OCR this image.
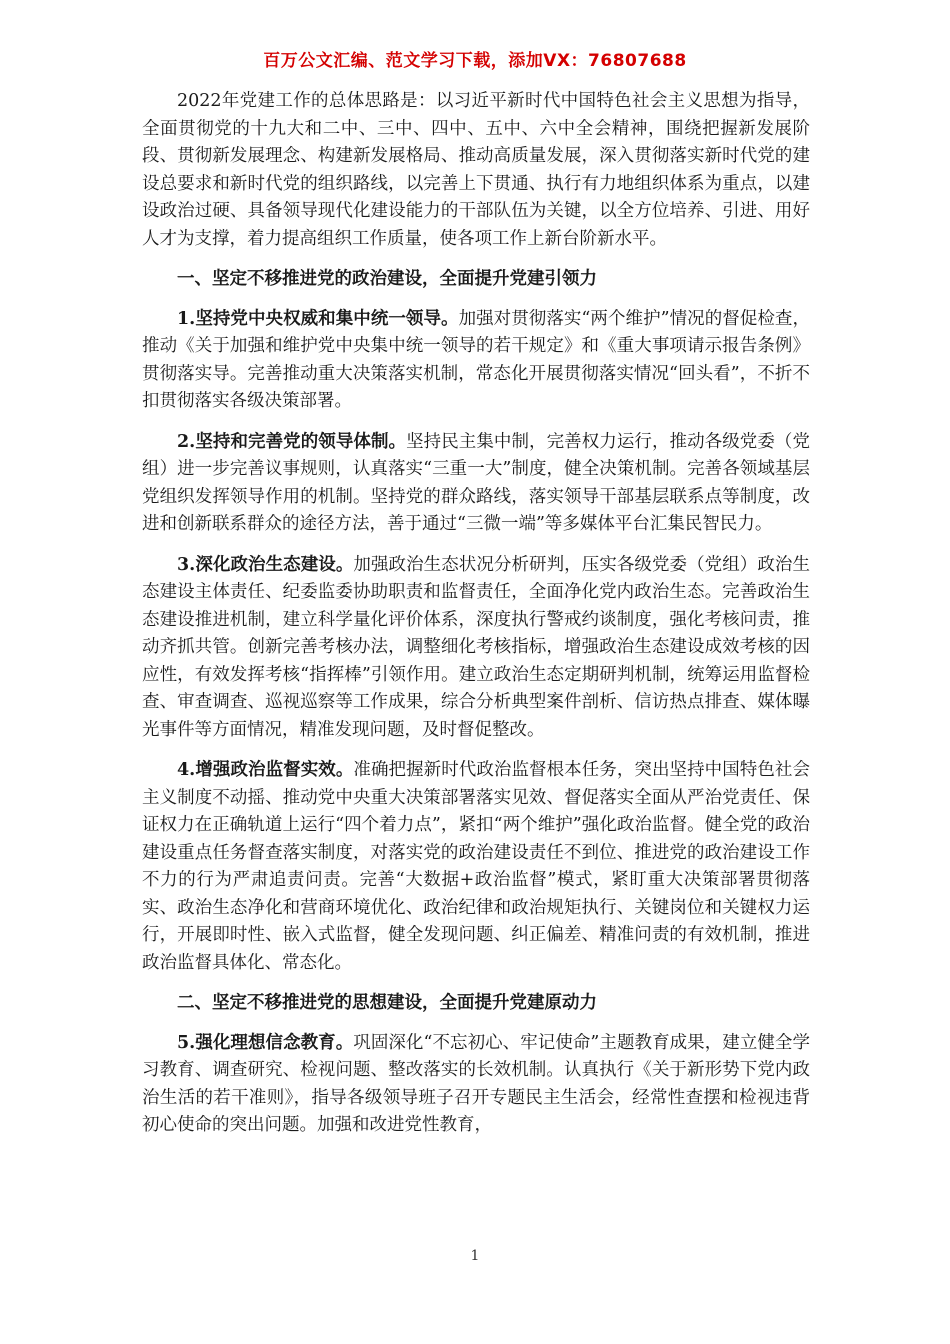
百万公文汇编、范文学习下载，添加VX：76807688

2022年党建工作的总体思路是：以习近平新时代中国特色社会主义思想为指导，全面贯彻党的十九大和二中、三中、四中、五中、六中全会精神，围绕把握新发展阶段、贯彻新发展理念、构建新发展格局、推动高质量发展，深入贯彻落实新时代党的建设总要求和新时代党的组织路线，以完善上下贯通、执行有力地组织体系为重点，以建设政治过硬、具备领导现代化建设能力的干部队伍为关键，以全方位培养、引进、用好人才为支撑，着力提高组织工作质量，使各项工作上新台阶新水平。

一、坚定不移推进党的政治建设，全面提升党建引领力

1.坚持党中央权威和集中统一领导。加强对贯彻落实“两个维护”情况的督促检查，推动《关于加强和维护党中央集中统一领导的若干规定》和《重大事项请示报告条例》贯彻落实导。完善推动重大决策落实机制，常态化开展贯彻落实情况“回头看”，不折不扣贯彻落实各级决策部署。

2.坚持和完善党的领导体制。坚持民主集中制，完善权力运行，推动各级党委（党组）进一步完善议事规则，认真落实“三重一大”制度，健全决策机制。完善各领域基层党组织发挥领导作用的机制。坚持党的群众路线，落实领导干部基层联系点等制度，改进和创新联系群众的途径方法，善于通过“三微一端”等多媒体平台汇集民智民力。

3.深化政治生态建设。加强政治生态状况分析研判，压实各级党委（党组）政治生态建设主体责任、纪委监委协助职责和监督责任，全面净化党内政治生态。完善政治生态建设推进机制，建立科学量化评价体系，深度执行警戒约谈制度，强化考核问责，推动齐抓共管。创新完善考核办法，调整细化考核指标，增强政治生态建设成效考核的因应性，有效发挥考核“指挥棒”引领作用。建立政治生态定期研判机制，统筹运用监督检查、审查调查、巡视巡察等工作成果，综合分析典型案件剖析、信访热点排查、媒体曝光事件等方面情况，精准发现问题，及时督促整改。

4.增强政治监督实效。准确把握新时代政治监督根本任务，突出坚持中国特色社会主义制度不动摇、推动党中央重大决策部署落实见效、督促落实全面从严治党责任、保证权力在正确轨道上运行“四个着力点”，紧扣“两个维护”强化政治监督。健全党的政治建设重点任务督查落实制度，对落实党的政治建设责任不到位、推进党的政治建设工作不力的行为严肃追责问责。完善“大数据+政治监督”模式，紧盯重大决策部署贯彻落实、政治生态净化和营商环境优化、政治纪律和政治规矩执行、关键岗位和关键权力运行，开展即时性、嵌入式监督，健全发现问题、纠正偏差、精准问责的有效机制，推进政治监督具体化、常态化。

二、坚定不移推进党的思想建设，全面提升党建原动力

5.强化理想信念教育。巩固深化“不忘初心、牢记使命”主题教育成果，建立健全学习教育、调查研究、检视问题、整改落实的长效机制。认真执行《关于新形势下党内政治生活的若干准则》，指导各级领导班子召开专题民主生活会，经常性查摆和检视违背初心使命的突出问题。加强和改进党性教育，

1
